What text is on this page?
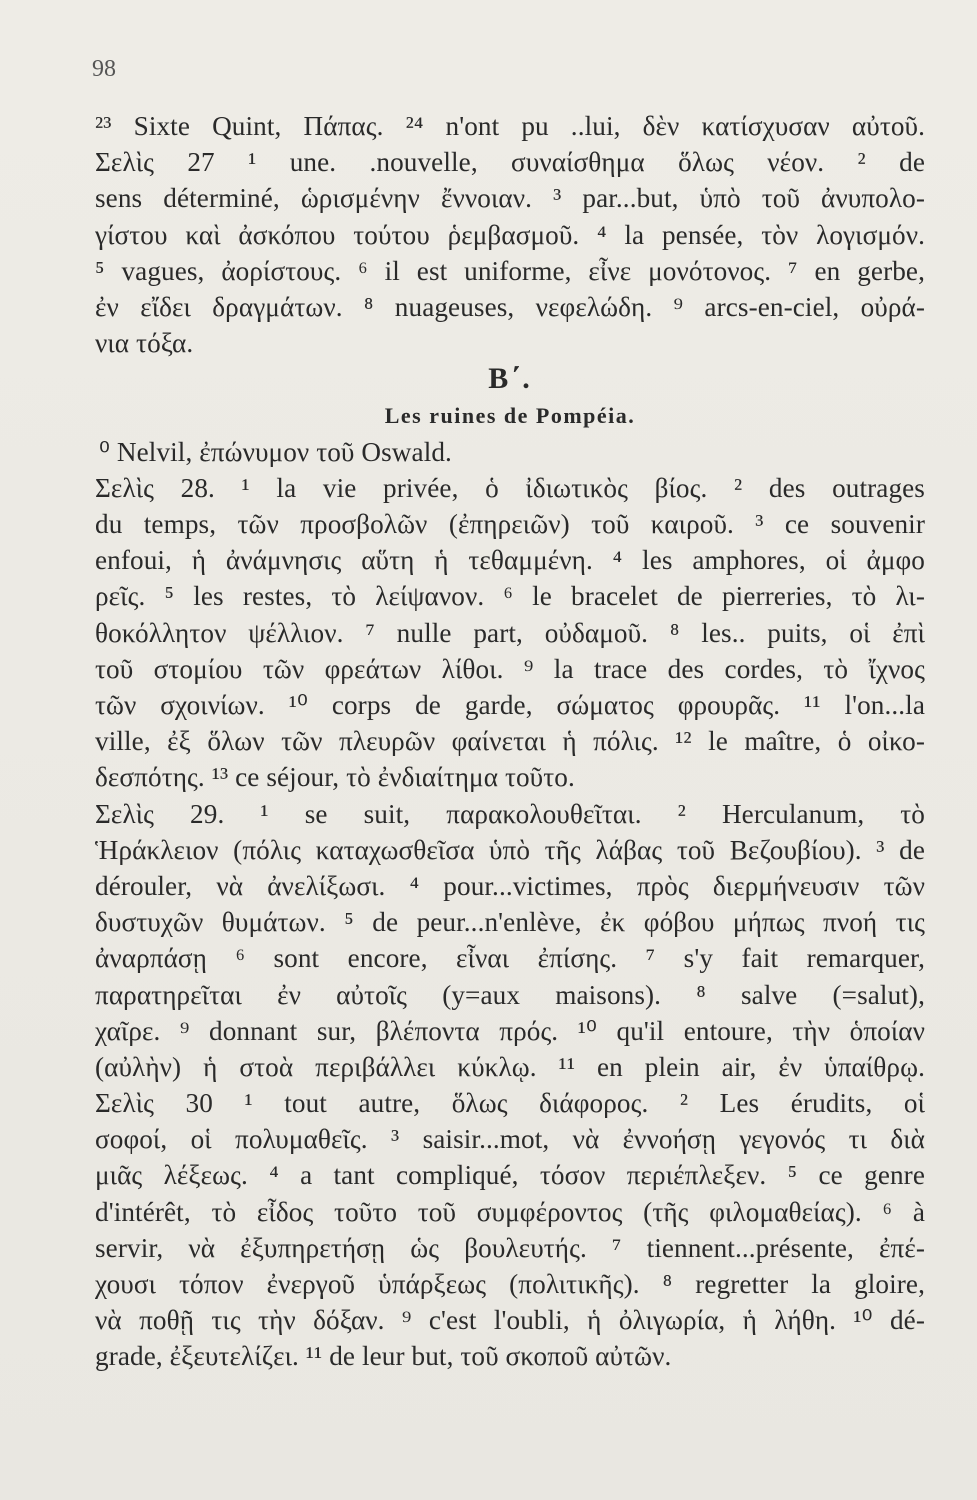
98
²³ Sixte Quint, Πάπας. ²⁴ n'ont pu ..lui, δὲν κατίσχυσαν αὐτοῦ.
Σελὶς 27 ¹ une. .nouvelle, συναίσθημα ὅλως νέον. ² de
sens déterminé, ὡρισμένην ἔννοιαν. ³ par...but, ὑπὸ τοῦ ἀνυπολο-
γίστου καὶ ἀσκόπου τούτου ῥεμβασμοῦ. ⁴ la pensée, τὸν λογισμόν.
⁵ vagues, ἀορίστους. ⁶ il est uniforme, εἶνε μονότονος. ⁷ en gerbe,
ἐν εἴδει δραγμάτων. ⁸ nuageuses, νεφελώδη. ⁹ arcs-en-ciel, οὐρά-
νια τόξα.
Β΄.
Les ruines de Pompéia.
⁰ Nelvil, ἐπώνυμον τοῦ Oswald.
Σελὶς 28. ¹ la vie privée, ὁ ἰδιωτικὸς βίος. ² des outrages
du temps, τῶν προσβολῶν (ἐπηρειῶν) τοῦ καιροῦ. ³ ce souvenir
enfoui, ἡ ἀνάμνησις αὕτη ἡ τεθαμμένη. ⁴ les amphores, οἱ ἀμφο
ρεῖς. ⁵ les restes, τὸ λείψανον. ⁶ le bracelet de pierreries, τὸ λι-
θοκόλλητον ψέλλιον. ⁷ nulle part, οὐδαμοῦ. ⁸ les.. puits, οἱ ἐπὶ
τοῦ στομίου τῶν φρεάτων λίθοι. ⁹ la trace des cordes, τὸ ἴχνος
τῶν σχοινίων. ¹⁰ corps de garde, σώματος φρουρᾶς. ¹¹ l'on...la
ville, ἐξ ὅλων τῶν πλευρῶν φαίνεται ἡ πόλις. ¹² le maître, ὁ οἰκο-
δεσπότης. ¹³ ce séjour, τὸ ἐνδιαίτημα τοῦτο.
Σελὶς 29. ¹ se suit, παρακολουθεῖται. ² Herculanum, τὸ
Ἡράκλειον (πόλις καταχωσθεῖσα ὑπὸ τῆς λάβας τοῦ Βεζουβίου). ³ de
dérouler, νὰ ἀνελίξωσι. ⁴ pour...victimes, πρὸς διερμήνευσιν τῶν
δυστυχῶν θυμάτων. ⁵ de peur...n'enlève, ἐκ φόβου μήπως πνοή τις
ἀναρπάσῃ ⁶ sont encore, εἶναι ἐπίσης. ⁷ s'y fait remarquer,
παρατηρεῖται ἐν αὐτοῖς (y=aux maisons). ⁸ salve (=salut),
χαῖρε. ⁹ donnant sur, βλέποντα πρός. ¹⁰ qu'il entoure, τὴν ὁποίαν
(αὐλὴν) ἡ στοὰ περιβάλλει κύκλῳ. ¹¹ en plein air, ἐν ὑπαίθρῳ.
Σελὶς 30 ¹ tout autre, ὅλως διάφορος. ² Les érudits, οἱ
σοφοί, οἱ πολυμαθεῖς. ³ saisir...mot, νὰ ἐννοήσῃ γεγονός τι διὰ
μιᾶς λέξεως. ⁴ a tant compliqué, τόσον περιέπλεξεν. ⁵ ce genre
d'intérêt, τὸ εἶδος τοῦτο τοῦ συμφέροντος (τῆς φιλομαθείας). ⁶ à
servir, νὰ ἐξυπηρετήσῃ ὡς βουλευτής. ⁷ tiennent...présente, ἐπέ-
χουσι τόπον ἐνεργοῦ ὑπάρξεως (πολιτικῆς). ⁸ regretter la gloire,
νὰ ποθῇ τις τὴν δόξαν. ⁹ c'est l'oubli, ἡ ὀλιγωρία, ἡ λήθη. ¹⁰ dé-
grade, ἐξευτελίζει. ¹¹ de leur but, τοῦ σκοποῦ αὐτῶν.
